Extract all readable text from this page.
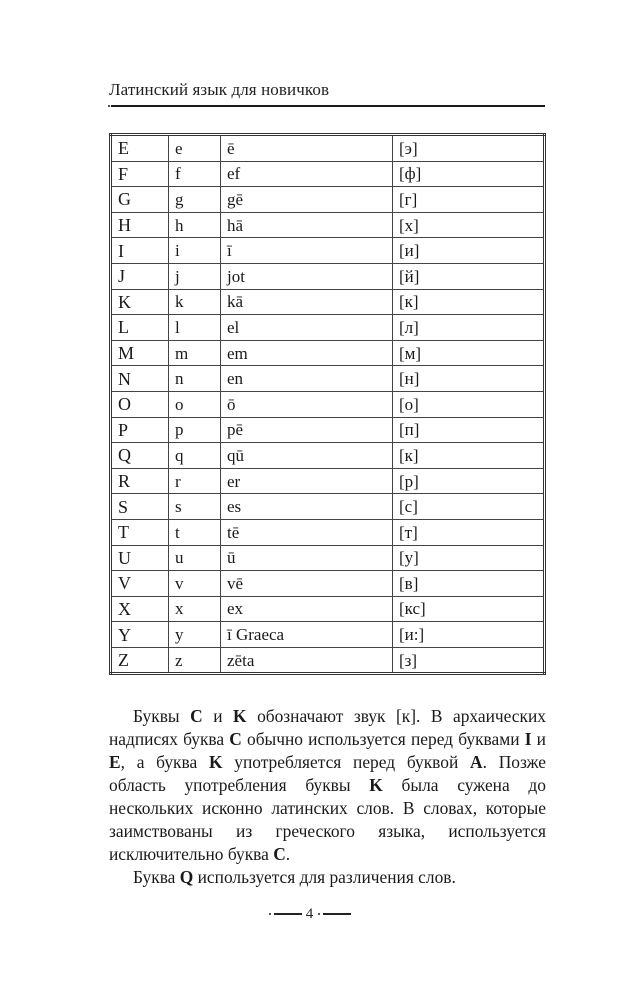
Латинский язык для новичков
E	e	ē	[э]
F	f	ef	[ф]
G	g	gē	[г]
H	h	hā	[х]
I	i	ī	[и]
J	j	jot	[й]
K	k	kā	[к]
L	l	el	[л]
M	m	em	[м]
N	n	en	[н]
O	o	ō	[о]
P	p	pē	[п]
Q	q	qū	[к]
R	r	er	[р]
S	s	es	[с]
T	t	tē	[т]
U	u	ū	[у]
V	v	vē	[в]
X	x	ex	[кс]
Y	y	ī Graeca	[и:]
Z	z	zēta	[з]

Буквы C и K обозначают звук [к]. В архаических надписях буква C обычно используется перед буквами I и E, а буква K употребляется перед буквой A. Позже область употребления буквы K была сужена до нескольких исконно латинских слов. В словах, которые заимствованы из греческого языка, используется исключительно буква C.

Буква Q используется для различения слов.

4
